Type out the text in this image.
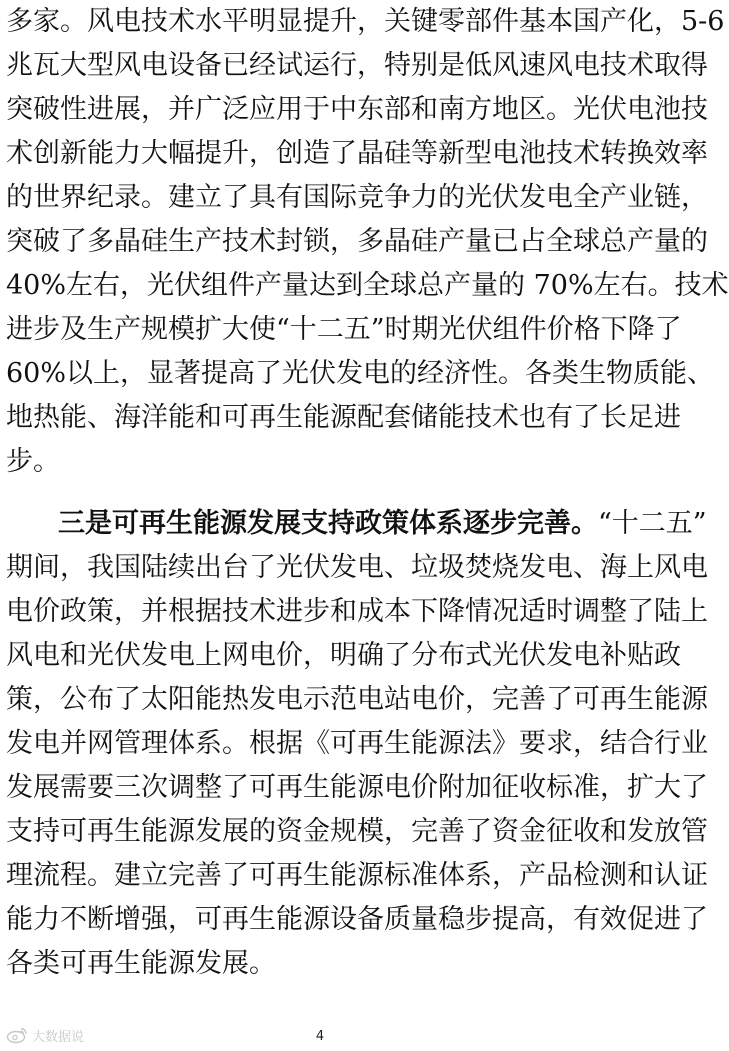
多家。风电技术水平明显提升，关键零部件基本国产化，5-6
兆瓦大型风电设备已经试运行，特别是低风速风电技术取得
突破性进展，并广泛应用于中东部和南方地区。光伏电池技
术创新能力大幅提升，创造了晶硅等新型电池技术转换效率
的世界纪录。建立了具有国际竞争力的光伏发电全产业链，
突破了多晶硅生产技术封锁，多晶硅产量已占全球总产量的
40%左右，光伏组件产量达到全球总产量的 70%左右。技术
进步及生产规模扩大使“十二五”时期光伏组件价格下降了
60%以上，显著提高了光伏发电的经济性。各类生物质能、
地热能、海洋能和可再生能源配套储能技术也有了长足进
步。
三是可再生能源发展支持政策体系逐步完善。“十二五”
期间，我国陆续出台了光伏发电、垃圾焚烧发电、海上风电
电价政策，并根据技术进步和成本下降情况适时调整了陆上
风电和光伏发电上网电价，明确了分布式光伏发电补贴政
策，公布了太阳能热发电示范电站电价，完善了可再生能源
发电并网管理体系。根据《可再生能源法》要求，结合行业
发展需要三次调整了可再生能源电价附加征收标准，扩大了
支持可再生能源发展的资金规模，完善了资金征收和发放管
理流程。建立完善了可再生能源标准体系，产品检测和认证
能力不断增强，可再生能源设备质量稳步提高，有效促进了
各类可再生能源发展。
大数据说	4
